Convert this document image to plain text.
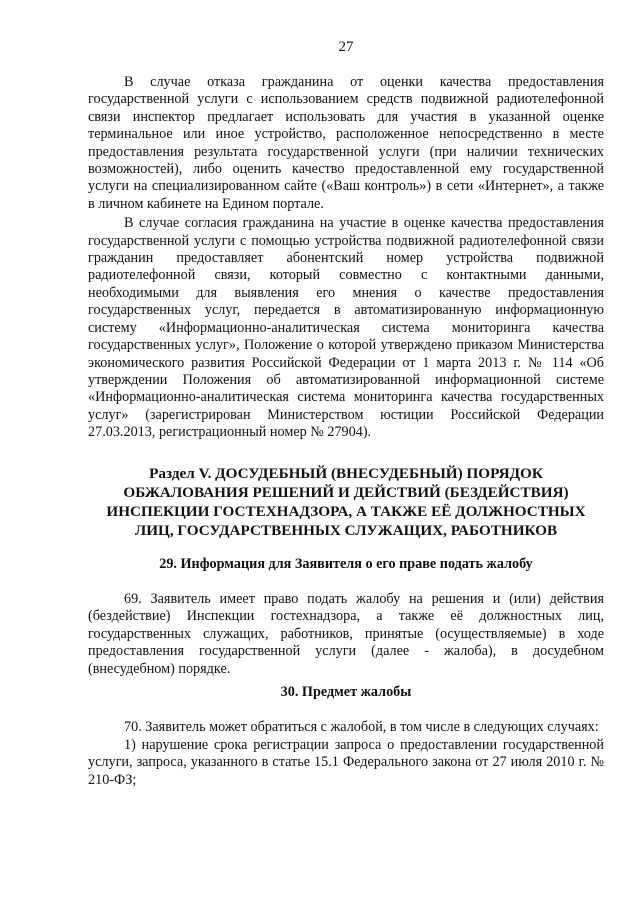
27

В случае отказа гражданина от оценки качества предоставления государственной услуги с использованием средств подвижной радиотелефонной связи инспектор предлагает использовать для участия в указанной оценке терминальное или иное устройство, расположенное непосредственно в месте предоставления результата государственной услуги (при наличии технических возможностей), либо оценить качество предоставленной ему государственной услуги на специализированном сайте («Ваш контроль») в сети «Интернет», а также в личном кабинете на Едином портале.

В случае согласия гражданина на участие в оценке качества предоставления государственной услуги с помощью устройства подвижной радиотелефонной связи гражданин предоставляет абонентский номер устройства подвижной радиотелефонной связи, который совместно с контактными данными, необходимыми для выявления его мнения о качестве предоставления государственных услуг, передается в автоматизированную информационную систему «Информационно-аналитическая система мониторинга качества государственных услуг», Положение о которой утверждено приказом Министерства экономического развития Российской Федерации от 1 марта 2013 г. № 114 «Об утверждении Положения об автоматизированной информационной системе «Информационно-аналитическая система мониторинга качества государственных услуг» (зарегистрирован Министерством юстиции Российской Федерации 27.03.2013, регистрационный номер № 27904).

Раздел V. ДОСУДЕБНЫЙ (ВНЕСУДЕБНЫЙ) ПОРЯДОК ОБЖАЛОВАНИЯ РЕШЕНИЙ И ДЕЙСТВИЙ (БЕЗДЕЙСТВИЯ) ИНСПЕКЦИИ ГОСТЕХНАДЗОРА, А ТАКЖЕ ЕЁ ДОЛЖНОСТНЫХ ЛИЦ, ГОСУДАРСТВЕННЫХ СЛУЖАЩИХ, РАБОТНИКОВ
29. Информация для Заявителя о его праве подать жалобу

69. Заявитель имеет право подать жалобу на решения и (или) действия (бездействие) Инспекции гостехнадзора, а также её должностных лиц, государственных служащих, работников, принятые (осуществляемые) в ходе предоставления государственной услуги (далее - жалоба), в досудебном (внесудебном) порядке.

30. Предмет жалобы

70. Заявитель может обратиться с жалобой, в том числе в следующих случаях:

1) нарушение срока регистрации запроса о предоставлении государственной услуги, запроса, указанного в статье 15.1 Федерального закона от 27 июля 2010 г. № 210-ФЗ;
